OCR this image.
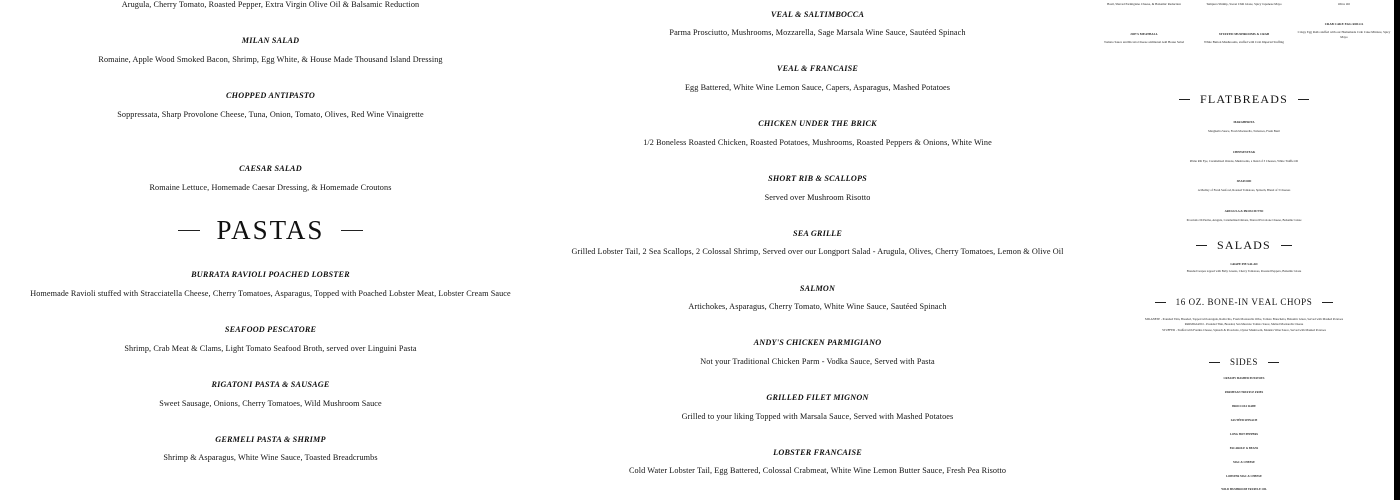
Arugula, Cherry Tomato, Roasted Pepper, Extra Virgin Olive Oil & Balsamic Reduction
MILAN SALAD
Romaine, Apple Wood Smoked Bacon, Shrimp, Egg White, & House Made Thousand Island Dressing
CHOPPED ANTIPASTO
Soppressata, Sharp Provolone Cheese, Tuna, Onion, Tomato, Olives, Red Wine Vinaigrette
CAESAR SALAD
Romaine Lettuce, Homemade Caesar Dressing, & Homemade Croutons
PASTAS
BURRATA RAVIOLI POACHED LOBSTER
Homemade Ravioli stuffed with Stracciatella Cheese, Cherry Tomatoes, Asparagus, Topped with Poached Lobster Meat, Lobster Cream Sauce
SEAFOOD PESCATORE
Shrimp, Crab Meat & Clams, Light Tomato Seafood Broth, served over Linguini Pasta
RIGATONI PASTA & SAUSAGE
Sweet Sausage, Onions, Cherry Tomatoes, Wild Mushroom Sauce
GERMELI PASTA & SHRIMP
Shrimp & Asparagus, White Wine Sauce, Toasted Breadcrumbs
VEAL & SALTIMBOCCA
Parma Prosciutto, Mushrooms, Mozzarella, Sage Marsala Wine Sauce, Sautéed Spinach
VEAL & FRANCAISE
Egg Battered, White Wine Lemon Sauce, Capers, Asparagus, Mashed Potatoes
CHICKEN UNDER THE BRICK
1/2 Boneless Roasted Chicken, Roasted Potatoes, Mushrooms, Roasted Peppers & Onions, White Wine
SHORT RIB & SCALLOPS
Served over Mushroom Risotto
SEA GRILLE
Grilled Lobster Tail, 2 Sea Scallops, 2 Colossal Shrimp, Served over our Longport Salad - Arugula, Olives, Cherry Tomatoes, Lemon & Olive Oil
SALMON
Artichokes, Asparagus, Cherry Tomato, White Wine Sauce, Sautéed Spinach
ANDY'S CHICKEN PARMIGIANO
Not your Traditional Chicken Parm - Vodka Sauce, Served with Pasta
GRILLED FILET MIGNON
Grilled to your liking Topped with Marsala Sauce, Served with Mashed Potatoes
LOBSTER FRANCAISE
Cold Water Lobster Tail, Egg Battered, Colossal Crabmeat, White Wine Lemon Butter Sauce, Fresh Pea Risotto
Basil, Shaved Parmigiano Cheese, & Balsamic Reduction	Tempura Shrimp, Sweet Chili Glaze, Spicy Japanese Mayo	Olive Oil
JOE'S MEATBALL
Tomato Sauce and Ricotta Cheese additional Add House Salad
STUFFED MUSHROOMS & CRAB
White Button Mushrooms, stuffed with Crab Imperial Stuffing
CRAB CAKE EGG ROLLS
Crispy Egg Rolls stuffed with our Homemade Crab Cake Mixture, Spicy Mayo
FLATBREADS
MARGHERITA
Margherita Sauce, Fresh Mozzarella, Tomatoes, Fresh Basil
CHEESESTEAK
Prime Rib Eye, Caramelized Onions, Mushrooms, a blend of 3 Cheeses, White Truffle Oil
SEAFOOD
A Medley of Fresh Seafood, Roasted Tomatoes, Spinach, Blend of 3 Cheeses
ARUGULA & PROSCIUTTO
Prosciutto Di Parma, Arugula, Caramelized Onions, Shaved Provolone Cheese, Balsamic Glaze
SALADS
GRAPE PIE SALAD
Breaded Grapes topped with Baby Greens, Cherry Tomatoes, Roasted Peppers, Balsamic Glaze
16 OZ. BONE-IN VEAL CHOPS
MILANESE - Pounded Thin, Breaded, Topped with Arugula, Radicchio, Fresh Mozzarella Olive, Tomato Bruschetta, Balsamic Glaze, Served with Mashed Potatoes
PARMIGIANO - Pounded Thin, Breaded, San Marzano Tomato Sauce, Melted Mozzarella Cheese
STUFFED - Stuffed with Fontina Cheese, Spinach & Prosciutto, Oyster Mushroom, Madeira Wine Sauce, Served with Mashed Potatoes
SIDES
CREAMY MASHED POTATOES
PARMESAN TRUFFLE FRIES
BROCCOLI RABE
SAUTÉED SPINACH
LONG HOT PEPPERS
ESCAROLE & BEANS
MAC & CHEESE
LOBSTER MAC & CHEESE
WILD MUSHROOM TRUFFLE OIL
